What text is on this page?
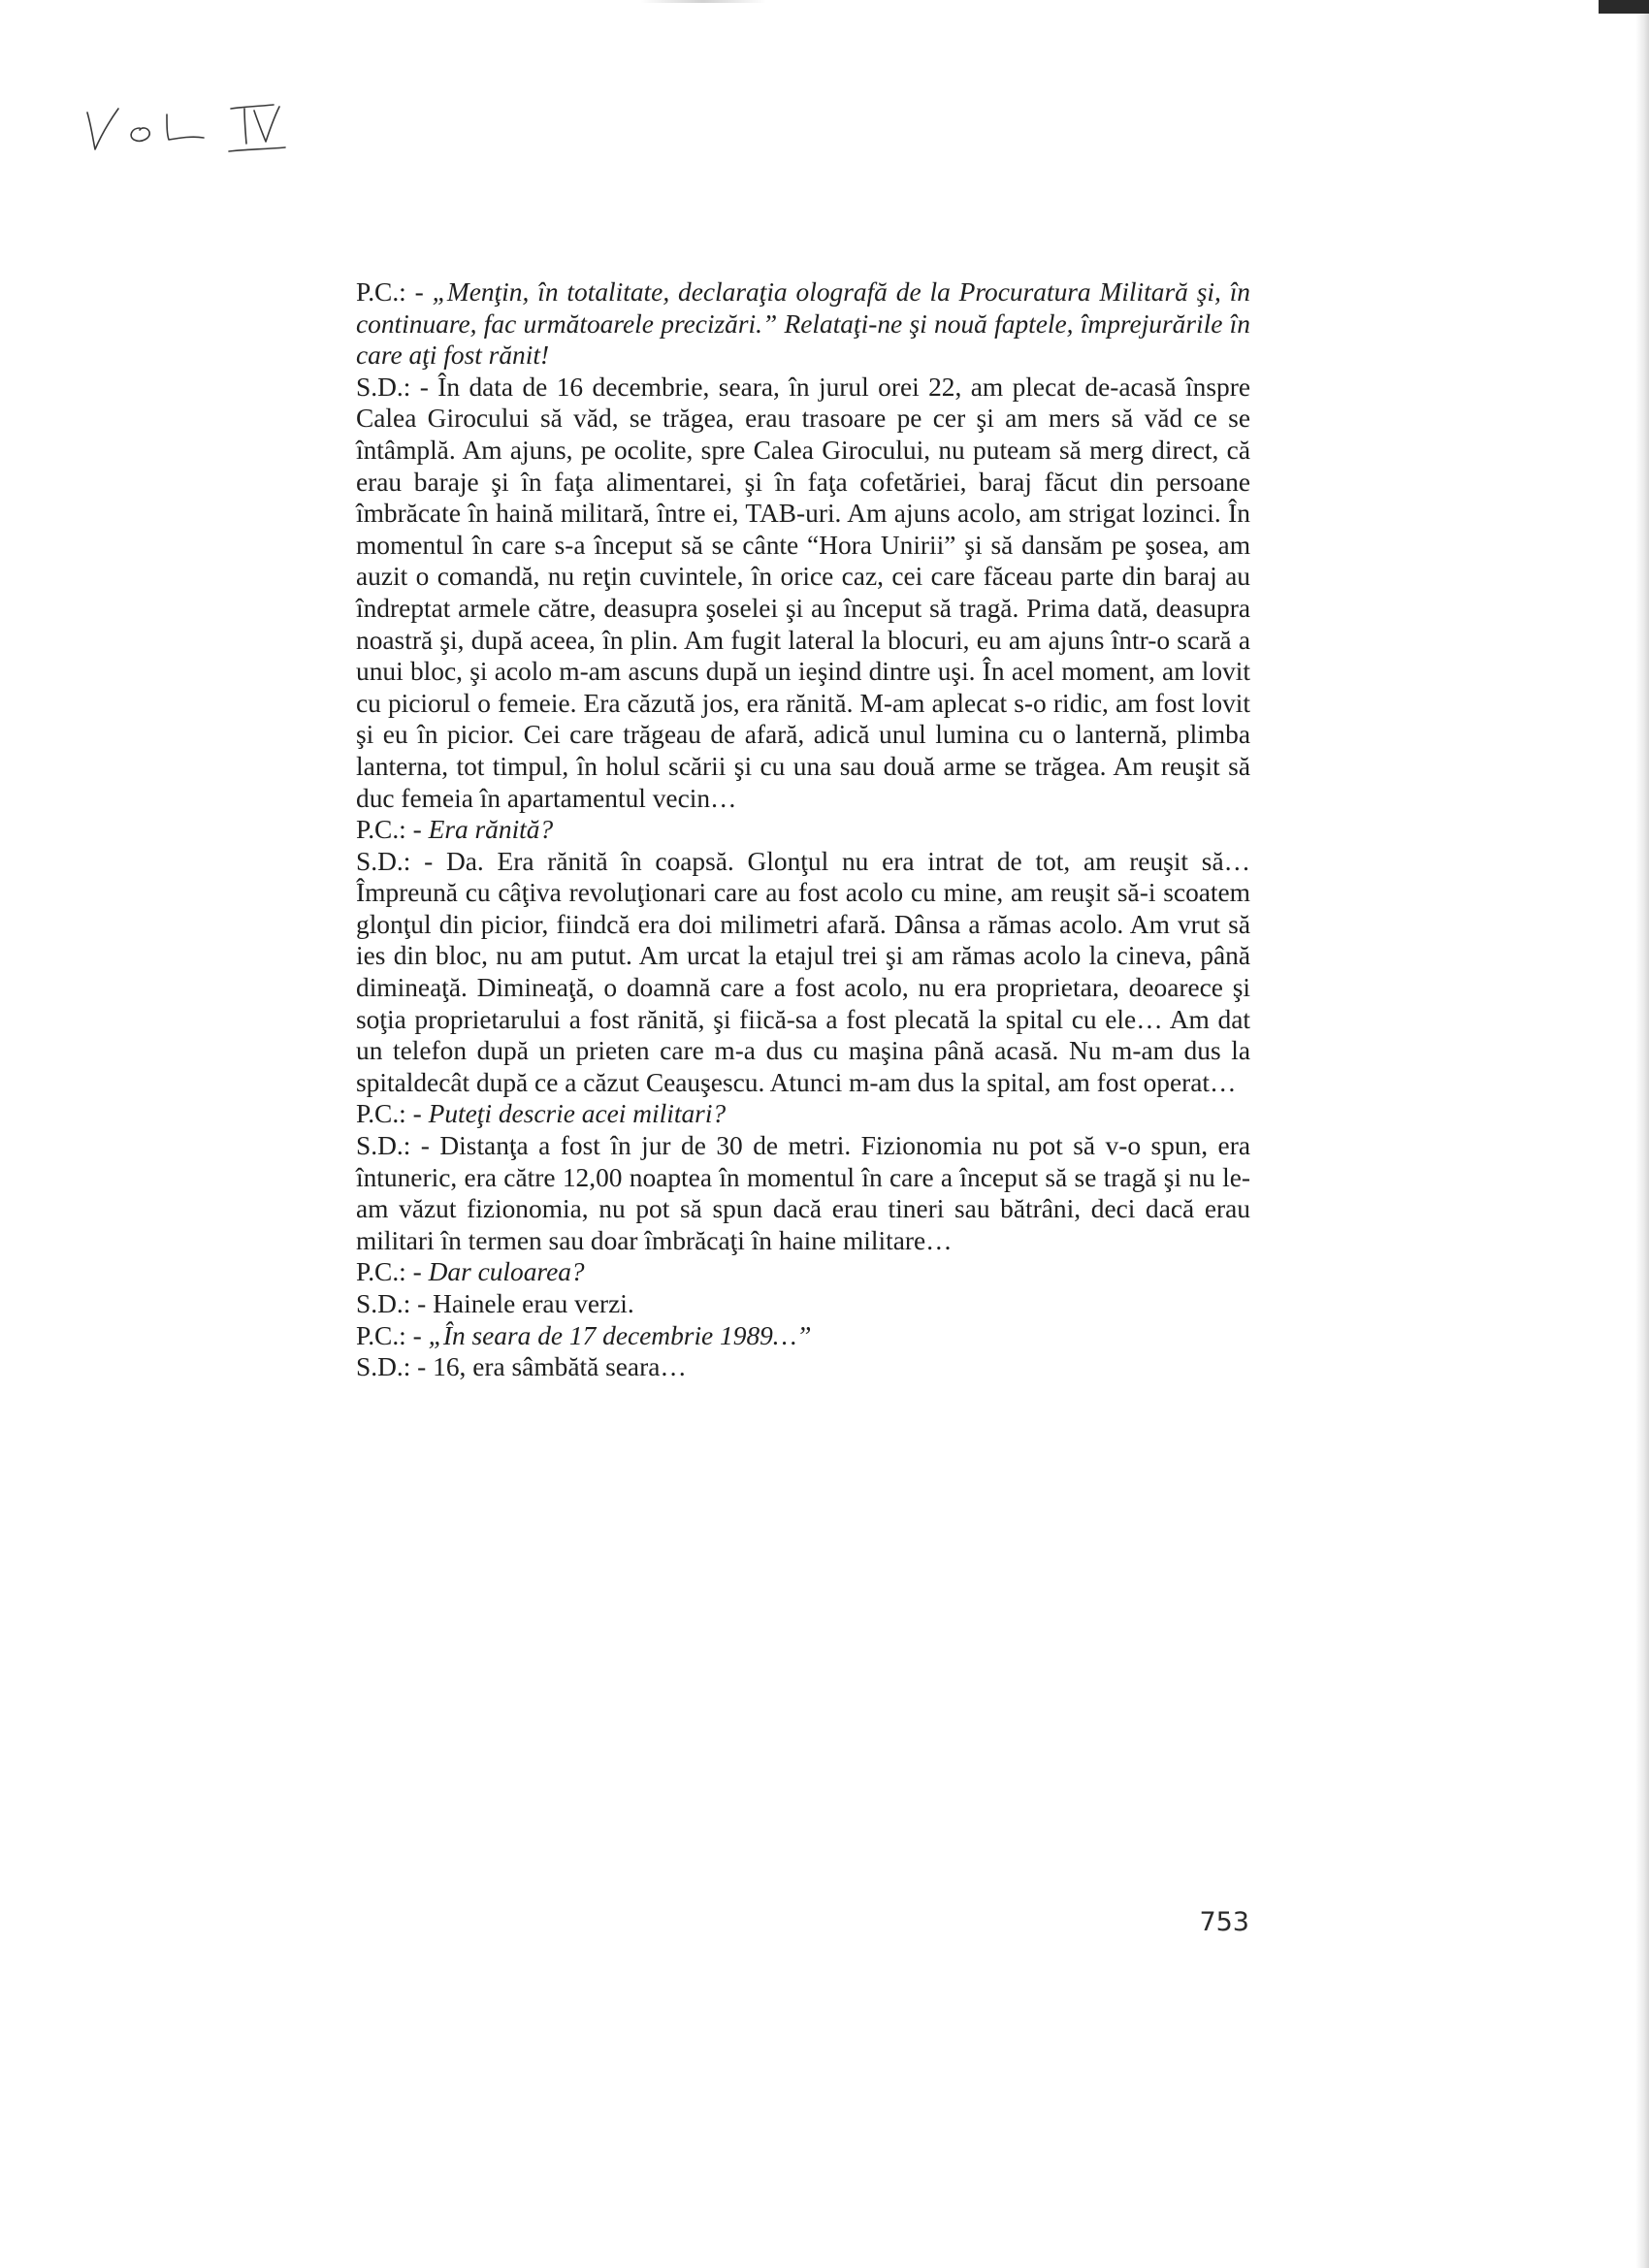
P.C.: - „Menţin, în totalitate, declaraţia olografă de la Procuratura Militară şi, în continuare, fac următoarele precizări.” Relataţi-ne şi nouă faptele, împrejurările în care aţi fost rănit!

S.D.: - În data de 16 decembrie, seara, în jurul orei 22, am plecat de-acasă înspre Calea Girocului să văd, se trăgea, erau trasoare pe cer şi am mers să văd ce se întâmplă. Am ajuns, pe ocolite, spre Calea Girocului, nu puteam să merg direct, că erau baraje şi în faţa alimentarei, şi în faţa cofetăriei, baraj făcut din persoane îmbrăcate în haină militară, între ei, TAB-uri. Am ajuns acolo, am strigat lozinci. În momentul în care s-a început să se cânte “Hora Unirii” şi să dansăm pe şosea, am auzit o comandă, nu reţin cuvintele, în orice caz, cei care făceau parte din baraj au îndreptat armele către, deasupra şoselei şi au început să tragă. Prima dată, deasupra noastră şi, după aceea, în plin. Am fugit lateral la blocuri, eu am ajuns într-o scară a unui bloc, şi acolo m-am ascuns după un ieşind dintre uşi. În acel moment, am lovit cu piciorul o femeie. Era căzută jos, era rănită. M-am aplecat s-o ridic, am fost lovit şi eu în picior. Cei care trăgeau de afară, adică unul lumina cu o lanternă, plimba lanterna, tot timpul, în holul scării şi cu una sau două arme se trăgea. Am reuşit să duc femeia în apartamentul vecin…

P.C.: - Era rănită?

S.D.: - Da. Era rănită în coapsă. Glonţul nu era intrat de tot, am reuşit să… Împreună cu câţiva revoluţionari care au fost acolo cu mine, am reuşit să-i scoatem glonţul din picior, fiindcă era doi milimetri afară. Dânsa a rămas acolo. Am vrut să ies din bloc, nu am putut. Am urcat la etajul trei şi am rămas acolo la cineva, până dimineaţă. Dimineaţă, o doamnă care a fost acolo, nu era proprietara, deoarece şi soţia proprietarului a fost rănită, şi fiică-sa a fost plecată la spital cu ele… Am dat un telefon după un prieten care m-a dus cu maşina până acasă. Nu m-am dus la spitaldecât după ce a căzut Ceauşescu. Atunci m-am dus la spital, am fost operat…

P.C.: - Puteţi descrie acei militari?

S.D.: - Distanţa a fost în jur de 30 de metri. Fizionomia nu pot să v-o spun, era întuneric, era către 12,00 noaptea în momentul în care a început să se tragă şi nu le-am văzut fizionomia, nu pot să spun dacă erau tineri sau bătrâni, deci dacă erau militari în termen sau doar îmbrăcaţi în haine militare…

P.C.: - Dar culoarea?

S.D.: - Hainele erau verzi.

P.C.: - „În seara de 17 decembrie 1989…”

S.D.: - 16, era sâmbătă seara…

753
